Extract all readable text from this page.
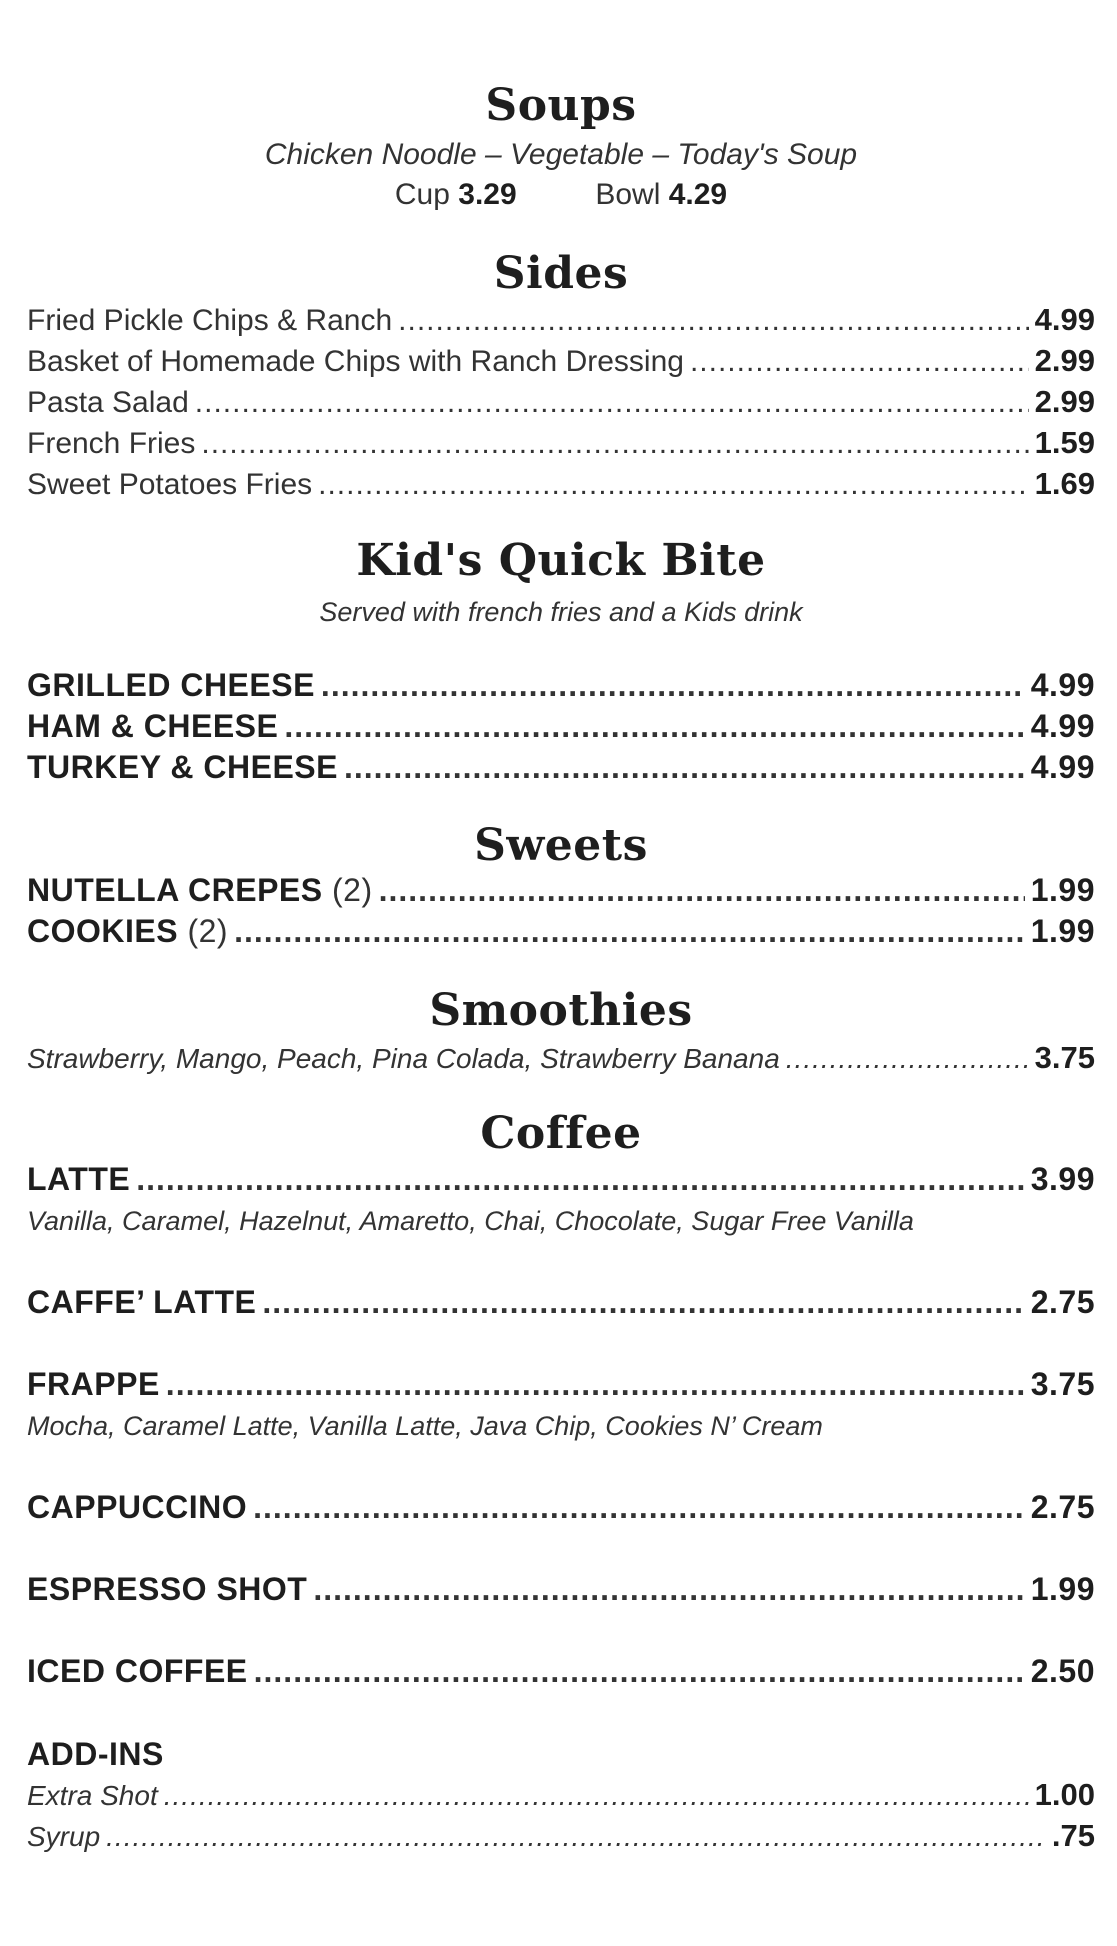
Soups
Chicken Noodle – Vegetable – Today's Soup
Cup 3.29	Bowl 4.29
Sides
Fried Pickle Chips & Ranch .....	4.99
Basket of Homemade Chips with Ranch Dressing .....	2.99
Pasta Salad .....	2.99
French Fries .....	1.59
Sweet Potatoes Fries .....	1.69
Kid's Quick Bite
Served with french fries and a Kids drink
GRILLED CHEESE .....	4.99
HAM & CHEESE .....	4.99
TURKEY & CHEESE .....	4.99
Sweets
NUTELLA CREPES (2) .....	1.99
COOKIES (2) .....	1.99
Smoothies
Strawberry, Mango, Peach, Pina Colada, Strawberry Banana .....	3.75
Coffee
LATTE .....	3.99
Vanilla, Caramel, Hazelnut, Amaretto, Chai, Chocolate, Sugar Free Vanilla
CAFFE’ LATTE .....	2.75
FRAPPE .....	3.75
Mocha, Caramel Latte, Vanilla Latte, Java Chip, Cookies N’ Cream
CAPPUCCINO .....	2.75
ESPRESSO SHOT .....	1.99
ICED COFFEE .....	2.50
ADD-INS
Extra Shot .....	1.00
Syrup .....	.75
